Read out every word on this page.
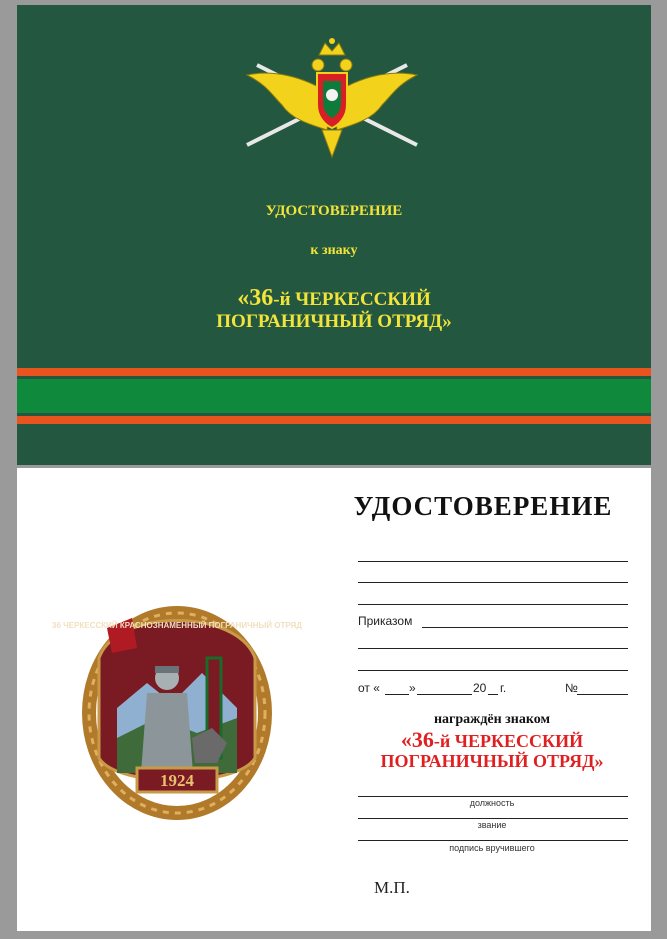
УДОСТОВЕРЕНИЕ
к знаку
«36-й ЧЕРКЕССКИЙ
ПОГРАНИЧНЫЙ ОТРЯД»
1924
36 ЧЕРКЕССКИЙ КРАСНОЗНАМЕННЫЙ ПОГРАНИЧНЫЙ ОТРЯД
УДОСТОВЕРЕНИЕ
Приказом
от « »	20 г.	№
награждён знаком
«36-й ЧЕРКЕССКИЙ
ПОГРАНИЧНЫЙ ОТРЯД»
должность
звание
подпись вручившего
М.П.
